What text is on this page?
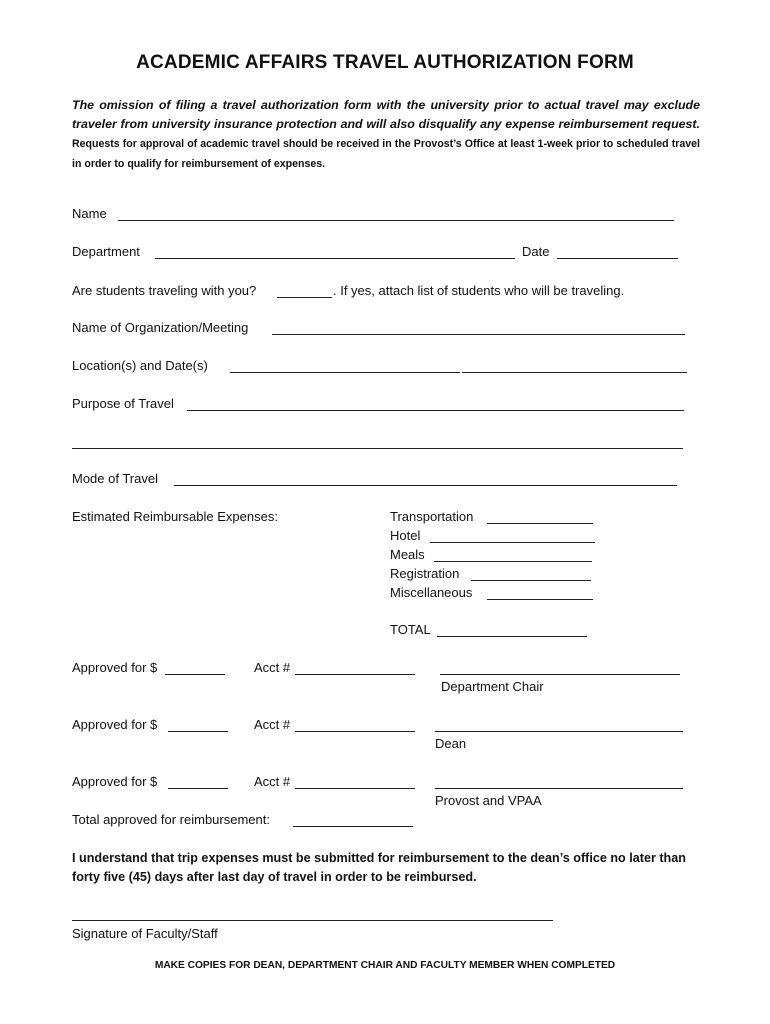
ACADEMIC AFFAIRS TRAVEL AUTHORIZATION FORM
The omission of filing a travel authorization form with the university prior to actual travel may exclude traveler from university insurance protection and will also disqualify any expense reimbursement request. Requests for approval of academic travel should be received in the Provost’s Office at least 1-week prior to scheduled travel in order to qualify for reimbursement of expenses.
Name
Department	Date
Are students traveling with you?	. If yes, attach list of students who will be traveling.
Name of Organization/Meeting
Location(s) and Date(s)
Purpose of Travel
Mode of Travel
Estimated Reimbursable Expenses:	Transportation
Hotel
Meals
Registration
Miscellaneous
TOTAL
Approved for $	Acct #
Department Chair
Approved for $	Acct #
Dean
Approved for $	Acct #
Provost and VPAA
Total approved for reimbursement:
I understand that trip expenses must be submitted for reimbursement to the dean’s office no later than forty five (45) days after last day of travel in order to be reimbursed.
Signature of Faculty/Staff
MAKE COPIES FOR DEAN, DEPARTMENT CHAIR AND FACULTY MEMBER WHEN COMPLETED
